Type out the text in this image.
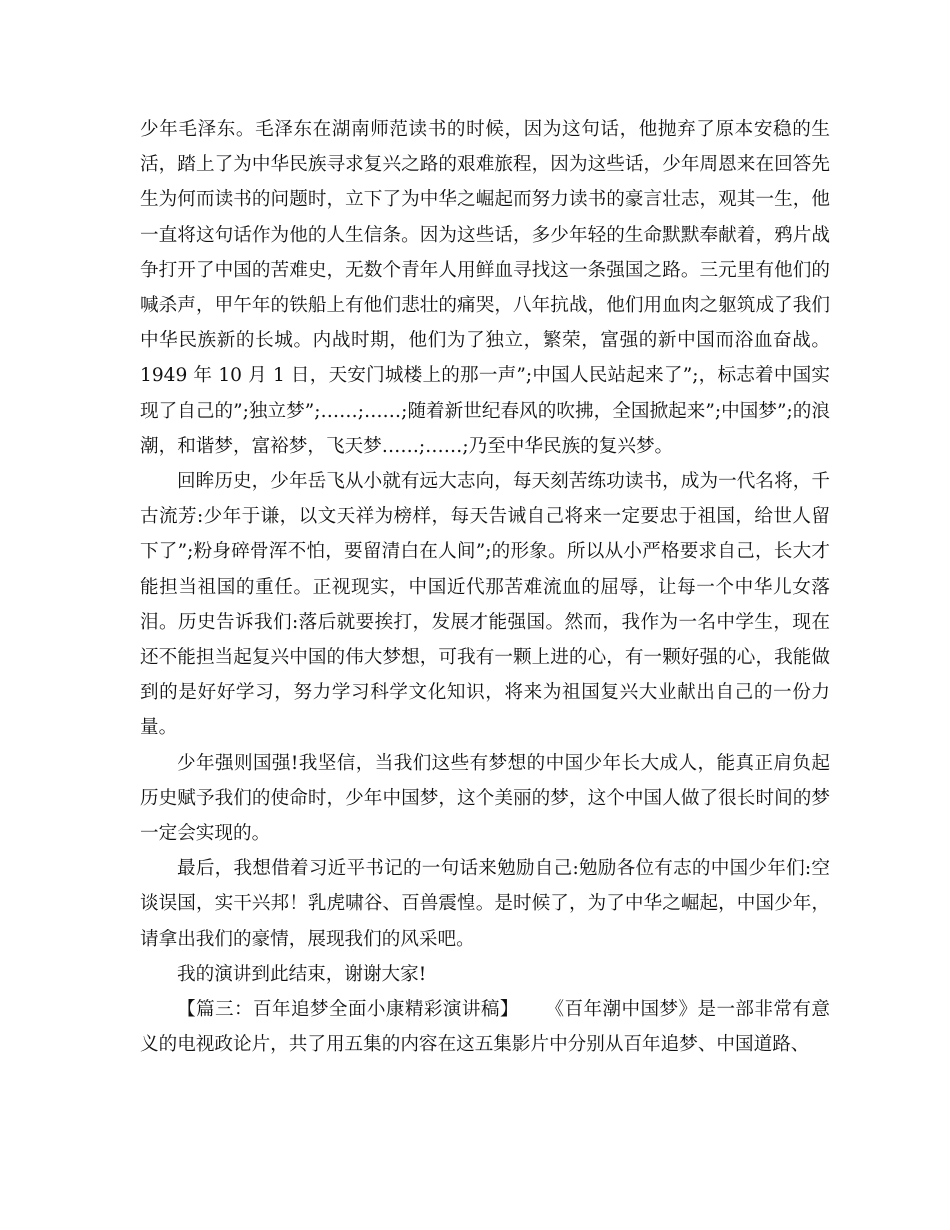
少年毛泽东。毛泽东在湖南师范读书的时候，因为这句话，他抛弃了原本安稳的生活，踏上了为中华民族寻求复兴之路的艰难旅程，因为这些话，少年周恩来在回答先生为何而读书的问题时，立下了为中华之崛起而努力读书的豪言壮志，观其一生，他一直将这句话作为他的人生信条。因为这些话，多少年轻的生命默默奉献着，鸦片战争打开了中国的苦难史，无数个青年人用鲜血寻找这一条强国之路。三元里有他们的喊杀声，甲午年的铁船上有他们悲壮的痛哭，八年抗战，他们用血肉之躯筑成了我们中华民族新的长城。内战时期，他们为了独立，繁荣，富强的新中国而浴血奋战。1949 年 10 月 1 日，天安门城楼上的那一声”;中国人民站起来了”;，标志着中国实现了自己的”;独立梦”;……;……;随着新世纪春风的吹拂，全国掀起来”;中国梦”;的浪潮，和谐梦，富裕梦，飞天梦……;……;乃至中华民族的复兴梦。

回眸历史，少年岳飞从小就有远大志向，每天刻苦练功读书，成为一代名将，千古流芳:少年于谦，以文天祥为榜样，每天告诫自己将来一定要忠于祖国，给世人留下了”;粉身碎骨浑不怕，要留清白在人间”;的形象。所以从小严格要求自己，长大才能担当祖国的重任。正视现实，中国近代那苦难流血的屈辱，让每一个中华儿女落泪。历史告诉我们:落后就要挨打，发展才能强国。然而，我作为一名中学生，现在还不能担当起复兴中国的伟大梦想，可我有一颗上进的心，有一颗好强的心，我能做到的是好好学习，努力学习科学文化知识，将来为祖国复兴大业献出自己的一份力量。

少年强则国强!我坚信，当我们这些有梦想的中国少年长大成人，能真正肩负起历史赋予我们的使命时，少年中国梦，这个美丽的梦，这个中国人做了很长时间的梦一定会实现的。

最后，我想借着习近平书记的一句话来勉励自己:勉励各位有志的中国少年们:空谈误国，实干兴邦！乳虎啸谷、百兽震惶。是时候了，为了中华之崛起，中国少年，请拿出我们的豪情，展现我们的风采吧。

我的演讲到此结束，谢谢大家!

【篇三：百年追梦全面小康精彩演讲稿】 《百年潮中国梦》是一部非常有意义的电视政论片，共了用五集的内容在这五集影片中分别从百年追梦、中国道路、
